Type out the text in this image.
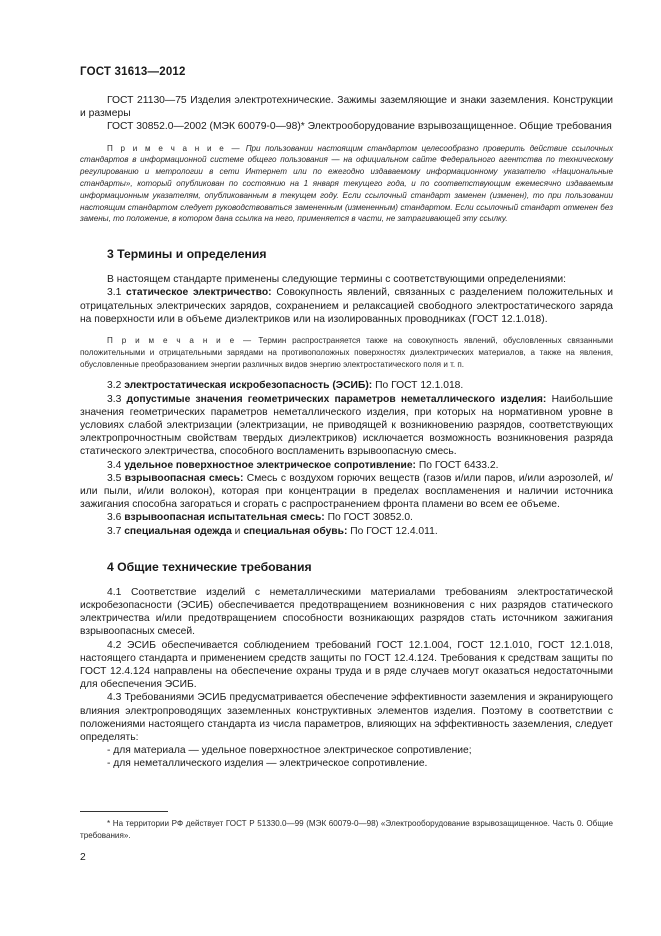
ГОСТ 31613—2012

ГОСТ 21130—75 Изделия электротехнические. Зажимы заземляющие и знаки заземления. Конструкции и размеры

ГОСТ 30852.0—2002 (МЭК 60079-0—98)* Электрооборудование взрывозащищенное. Общие требования

П р и м е ч а н и е — При пользовании настоящим стандартом целесообразно проверить действие ссылочных стандартов в информационной системе общего пользования — на официальном сайте Федерального агентства по техническому регулированию и метрологии в сети Интернет или по ежегодно издаваемому информационному указателю «Национальные стандарты», который опубликован по состоянию на 1 января текущего года, и по соответствующим ежемесячно издаваемым информационным указателям, опубликованным в текущем году. Если ссылочный стандарт заменен (изменен), то при пользовании настоящим стандартом следует руководствоваться замененным (измененным) стандартом. Если ссылочный стандарт отменен без замены, то положение, в котором дана ссылка на него, применяется в части, не затрагивающей эту ссылку.

3 Термины и определения

В настоящем стандарте применены следующие термины с соответствующими определениями:

3.1 статическое электричество: Совокупность явлений, связанных с разделением положительных и отрицательных электрических зарядов, сохранением и релаксацией свободного электростатического заряда на поверхности или в объеме диэлектриков или на изолированных проводниках (ГОСТ 12.1.018).

П р и м е ч а н и е — Термин распространяется также на совокупность явлений, обусловленных связанными положительными и отрицательными зарядами на противоположных поверхностях диэлектрических материалов, а также на явления, обусловленные преобразованием энергии различных видов энергию электростатического поля и т. п.

3.2 электростатическая искробезопасность (ЭСИБ): По ГОСТ 12.1.018.

3.3 допустимые значения геометрических параметров неметаллического изделия: Наибольшие значения геометрических параметров неметаллического изделия, при которых на нормативном уровне в условиях слабой электризации (электризации, не приводящей к возникновению разрядов, соответствующих электропрочностным свойствам твердых диэлектриков) исключается возможность возникновения разряда статического электричества, способного воспламенить взрывоопасную смесь.

3.4 удельное поверхностное электрическое сопротивление: По ГОСТ 6433.2.

3.5 взрывоопасная смесь: Смесь с воздухом горючих веществ (газов и/или паров, и/или аэрозолей, и/или пыли, и/или волокон), которая при концентрации в пределах воспламенения и наличии источника зажигания способна загораться и сгорать с распространением фронта пламени во всем ее объеме.

3.6 взрывоопасная испытательная смесь: По ГОСТ 30852.0.

3.7 специальная одежда и специальная обувь: По ГОСТ 12.4.011.

4 Общие технические требования

4.1 Соответствие изделий с неметаллическими материалами требованиям электростатической искробезопасности (ЭСИБ) обеспечивается предотвращением возникновения с них разрядов статического электричества и/или предотвращением способности возникающих разрядов стать источником зажигания взрывоопасных смесей.

4.2 ЭСИБ обеспечивается соблюдением требований ГОСТ 12.1.004, ГОСТ 12.1.010, ГОСТ 12.1.018, настоящего стандарта и применением средств защиты по ГОСТ 12.4.124. Требования к средствам защиты по ГОСТ 12.4.124 направлены на обеспечение охраны труда и в ряде случаев могут оказаться недостаточными для обеспечения ЭСИБ.

4.3 Требованиями ЭСИБ предусматривается обеспечение эффективности заземления и экранирующего влияния электропроводящих заземленных конструктивных элементов изделия. Поэтому в соответствии с положениями настоящего стандарта из числа параметров, влияющих на эффективность заземления, следует определять:

- для материала — удельное поверхностное электрическое сопротивление;

- для неметаллического изделия — электрическое сопротивление.

* На территории РФ действует ГОСТ Р 51330.0—99 (МЭК 60079-0—98) «Электрооборудование взрывозащищенное. Часть 0. Общие требования».

2
